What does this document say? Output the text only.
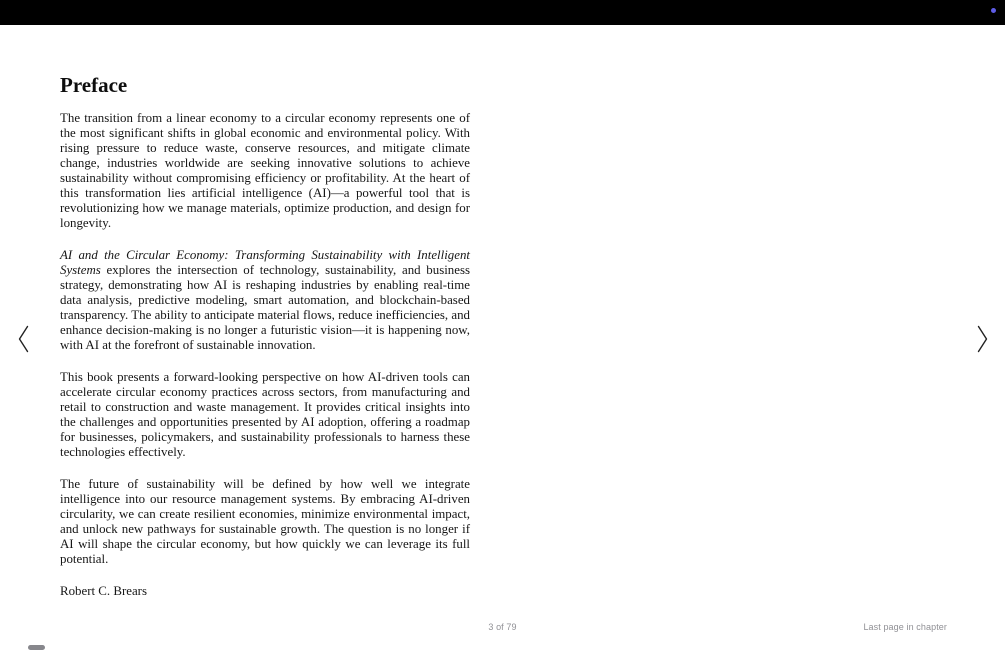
Preface

The transition from a linear economy to a circular economy represents one of the most significant shifts in global economic and environmental policy. With rising pressure to reduce waste, conserve resources, and mitigate climate change, industries worldwide are seeking innovative solutions to achieve sustainability without compromising efficiency or profitability. At the heart of this transformation lies artificial intelligence (AI)—a powerful tool that is revolutionizing how we manage materials, optimize production, and design for longevity.

AI and the Circular Economy: Transforming Sustainability with Intelligent Systems explores the intersection of technology, sustainability, and business strategy, demonstrating how AI is reshaping industries by enabling real-time data analysis, predictive modeling, smart automation, and blockchain-based transparency. The ability to anticipate material flows, reduce inefficiencies, and enhance decision-making is no longer a futuristic vision—it is happening now, with AI at the forefront of sustainable innovation.

This book presents a forward-looking perspective on how AI-driven tools can accelerate circular economy practices across sectors, from manufacturing and retail to construction and waste management. It provides critical insights into the challenges and opportunities presented by AI adoption, offering a roadmap for businesses, policymakers, and sustainability professionals to harness these technologies effectively.

The future of sustainability will be defined by how well we integrate intelligence into our resource management systems. By embracing AI-driven circularity, we can create resilient economies, minimize environmental impact, and unlock new pathways for sustainable growth. The question is no longer if AI will shape the circular economy, but how quickly we can leverage its full potential.

Robert C. Brears

3 of 79	Last page in chapter
